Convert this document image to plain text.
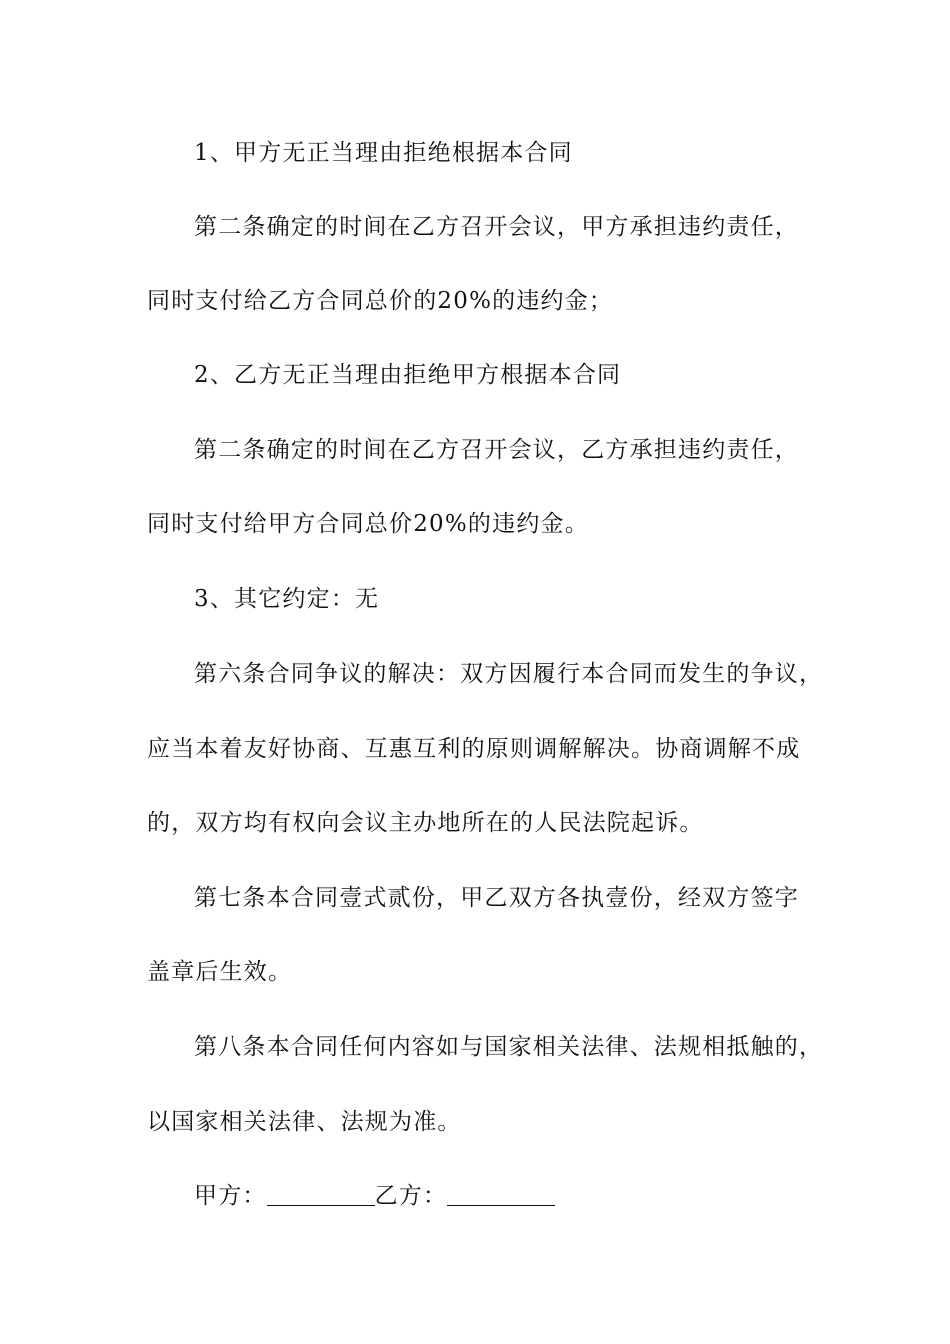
1、甲方无正当理由拒绝根据本合同
第二条确定的时间在乙方召开会议，甲方承担违约责任，
同时支付给乙方合同总价的20%的违约金；
2、乙方无正当理由拒绝甲方根据本合同
第二条确定的时间在乙方召开会议，乙方承担违约责任，
同时支付给甲方合同总价20%的违约金。
3、其它约定：无
第六条合同争议的解决：双方因履行本合同而发生的争议，
应当本着友好协商、互惠互利的原则调解解决。协商调解不成
的，双方均有权向会议主办地所在的人民法院起诉。
第七条本合同壹式贰份，甲乙双方各执壹份，经双方签字
盖章后生效。
第八条本合同任何内容如与国家相关法律、法规相抵触的，
以国家相关法律、法规为准。
甲方：	乙方：
